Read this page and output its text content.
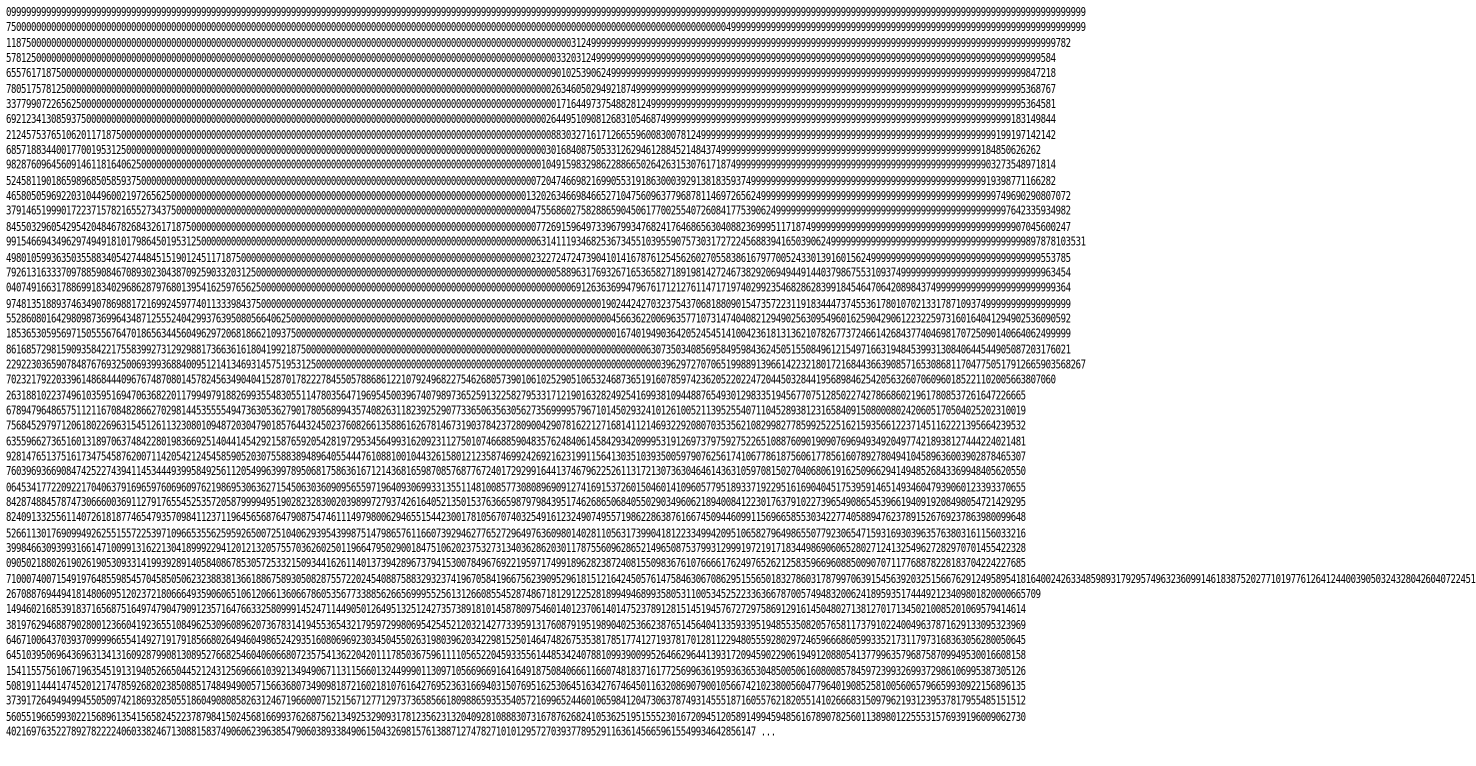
099999999999999999999999999999999999999999999999999999999999999999999999999999999999999999999999999999999999999999999999999999999999999999999999999999999999999999999999999999999999999999999999999999999999999999999999
750000000000000000000000000000000000000000000000000000000000000000000000000000000000000000000000000000000000000000000000000000000000000000000000499999999999999999999999999999999999999999999999999999999999999999999999
118750000000000000000000000000000000000000000000000000000000000000000000000000000000000000000000000000000000000003124999999999999999999999999999999999999999999999999999999999999999999999999999999999999999999999782
578125000000000000000000000000000000000000000000000000000000000000000000000000000000000000000000000000000000003320312499999999999999999999999999999999999999999999999999999999999999999999999999999999999999999584
655761718750000000000000000000000000000000000000000000000000000000000000000000000000000000000000000000000000090102539062499999999999999999999999999999999999999999999999999999999999999999999999999999999999847218
780517578125000000000000000000000000000000000000000000000000000000000000000000000000000000000000000000000000026346050294921874999999999999999999999999999999999999999999999999999999999999999999999999999995368767
337799072265625000000000000000000000000000000000000000000000000000000000000000000000000000000000000000000000001716449737548828124999999999999999999999999999999999999999999999999999999999999999999999999995364581
692123413085937500000000000000000000000000000000000000000000000000000000000000000000000000000000000000000000264495109081268310546874999999999999999999999999999999999999999999999999999999999999999999999183149844
212457537651062011718750000000000000000000000000000000000000000000000000000000000000000000000000000000000000088303271617126655960083007812499999999999999999999999999999999999999999999999999999999999199197142142
685718834400177001953125000000000000000000000000000000000000000000000000000000000000000000000000000000000000301684087505331262946128845214843749999999999999999999999999999999999999999999999999999184850626262
982876096456091461181640625000000000000000000000000000000000000000000000000000000000000000000000000000000001049159832986228866502642631530761718749999999999999999999999999999999999999999999999999903273548971814
524581190186598968505859375000000000000000000000000000000000000000000000000000000000000000000000000000000072047466982169905531918630003929138183593749999999999999999999999999999999999999999999999919398771166282
465805059692203104496002197265625000000000000000000000000000000000000000000000000000000000000000000000001320263466984665271047560963779687811469726562499999999999999999999999999999999999999999999999749690290807072
379146519990172237157821655273437500000000000000000000000000000000000000000000000000000000000000000000000475568602758288659045061770025540726084177539062499999999999999999999999999999999999999999999997642335934982
845503296054295420484678268432617187500000000000000000000000000000000000000000000000000000000000000000000077269159649733967993476824176468656304088236999511718749999999999999999999999999999999999999999907045600247
991546694349629749491810179864501953125000000000000000000000000000000000000000000000000000000000000000000063141119346825367345510395590757303172722456883941650390624999999999999999999999999999999999999999897878103531
498010599363503558834054274484515190124511718750000000000000000000000000000000000000000000000000000000000232272472473904101416787612545626027055838616797700524330139160156249999999999999999999999999999999999553785
792613163337097885908467089302304387092590332031250000000000000000000000000000000000000000000000000000000000005889631769326716536582718919814272467382920694944914403798675531093749999999999999999999999999999963454
040749166317886991834029686287976801395416259765625000000000000000000000000000000000000000000000000000000000000006912636369947967617121276114717197402992354682862839918454647064208984374999999999999999999999999364
974813518893746349078698817216992459774011333984375000000000000000000000000000000000000000000000000000000000000000000001902442427032375437068188090154735722311918344473745536178010702133178710937499999999999999999
552860801642980987369964348712555240429937639508056640625000000000000000000000000000000000000000000000000000000000000000045663622006963577107314740408212949025630954960162590429061223225973160164041294902536090592
185365305956971505556764701865634456049629720681866210937500000000000000000000000000000000000000000000000000000000000000001674019490364205245451410042361813136210782677372466142684377404698170725090140664062499999
861685729815909358422175583992731292988173663616180419921875000000000000000000000000000000000000000000000000000000000000000000006307350340856958495984362450515508496121549716631948453993130840644544905087203176021
229223036590784876769325006939936884009512141346931457519531250000000000000000000000000000000000000000000000000000000000000000000003962972707065199889139661422321801721684436639085716530868117047750517912665903568267
702321792203396148684440967674870801457824563490404152870178222784550578868612210792496822754626805739010610252905106532468736519160785974236205220224720445032844195689846254205632607060960185221102005663807060
263188102237496103595169470636822011799497918826993554830551147803564719695450039674079897365259132258279533171219016328249254169938109448876549301298335194567707512850227427866860219617808537261647226665
678947964865751121167084828662702981445355554947363053627901780568994357408263118239252907733650635630562735699995796710145029324101261005211395255407110452893812316584091508000802420605170504025202310019
756845297971206180226963154512611323080109487203047901857644324502376082661358861626781467319037842372809004290781622127168141121469322920807035356210829982778599252251621593566122371451162221395664239532
635596627365160131897063748422801983669251404414542921587659205428197295345649931620923112750107466885904835762484061458429342099953191269737975927522651088760901909076969493492049774218938127444224021481
928147651375161734754587620071142054212454585905203075588389489640554447610881001044326158012123587469924269216231991156413035103935005979076256174106778618756061778561607892780494104589636003902878465307
760396936690847425227439411453444939958492561120549963997895068175863616712143681659870857687767240172929916441374679622526113172130736304646143631059708150270406806191625096629414948526843369948405620550
064534177220922170406379169659760696097621986953063627154506303609095655971964093069933135511481008577308089690912741691537260150460141096057795189337192295161690404517539591465149346047939060123393370655
842874884578747306660036911279176554525357205879999495190282328300203989972793742616405213501537636659879798439517462686506840550290349606218940084122301763791022739654908654539661940919208498054721429295
824091332556114072618187746547935709841123711964565687647908754746111497980062946551544230017810567074032549161232490749557198622863876166745094460991156966585530342277405889476237891526769237863980099648
526611301769099492625515572253971096653556259592650072510406293954399875147986576116607392946277652729649763609801402811056317399041812233499420951065827964986550779230654715931693039635763803161156033216
399846630939931661471009913162213041899922941201213205755703626025011966479502900184751062023753273134036286203011787556096286521496508753799312999197219171834498690606528027124132549627282970701455422328
090502188026190261905309331419939289140584086785305725332150934416261140137394289673794153007849676922195971749918962823872408155098367610766661762497652621258359669608850090707117768878228183704224227685
710007400715491976485598545704585050623238838136618867589305082875572202454088758832932374196705841966756239095296181512164245057614758463067086295155650183278603178799706391545639203251566762912495895418164002426334859893179295749632360991461838752027710197761264124400390503243280426040722451
267088769449418148060951202372180666493590606510612066136066786053567733885626656999552561312660855452874867181291225281899494689935805311005345252233636678700574948320062418959351744492123409801820000665709
149460216853918371656875164974790479091235716476633258099914524711449050126495132512427357389181014587809754601401237061401475237891281514519457672729758691291614504802713812701713450210085201069579414614
381976294688790280012366041923655108496253096089620736783141945536543217959729980695425452120321427733959131760879195198904025366238765145640413359339519485535082057658117379102240049637871629133095323969
646710064370393709999665541492719179185668026494604986524293516080696923034504550263198039620342298152501464748267535381785177412719378170128112294805559280297246596668605993352173117973168363056280050645
645103950696436963134131609287990813089527668254604060668072357541362204201117850367596111105652204593355614485342407881099390099526466296441393172094590229061949120880541377996357968758709949530016608158
154115575610671963545191319405266504452124312569666103921349490671131156601324499901130971056696691641649187508406661166074818371617725699636195936365304850050616080085784597239932699372986106995387305126
508191144414745201217478592682023850885174849490057156636807349098187216021810761642769523631669403150769516253064516342767464501163208690790010566742102380056047796401908525810056065796659930922156896135
373917264949499455050974218693285055186049080858263124671966000715215671277129737365856618098865935354057216996524460106598412047306378749314555187160557621820551410266683150979621931239537817955485151512
560551966599302215689613541565824522378798415024568166993762687562134925329093178123562313204092810888307316787626824105362519515552301672094512058914994594856167890782560113898012255531576939196009062730
402169763522789278222240603382467130881583749060623963854790603893384906150432698157613887127478271010129572703937789529116361456659615549934642856147 ...
